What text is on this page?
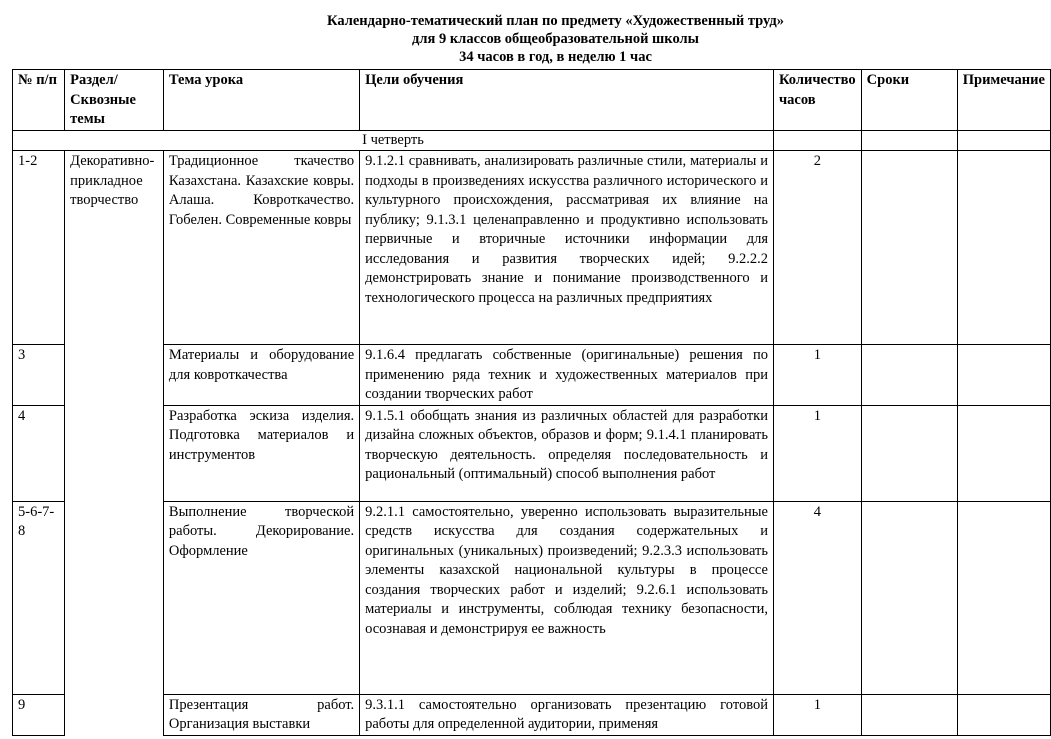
Календарно-тематический план по предмету «Художественный труд»
для 9 классов общеобразовательной школы
34 часов в год, в неделю 1 час
№ п/п	Раздел/ Сквозные темы	Тема урока	Цели обучения	Количество часов	Сроки	Примечание
I четверть						
1-2	Декоративно-прикладное творчество	Традиционное ткачество Казахстана. Казахские ковры. Алаша. Ковроткачество. Гобелен. Современные ковры	9.1.2.1 сравнивать, анализировать различные стили, материалы и подходы в произведениях искусства различного исторического и культурного происхождения, рассматривая их влияние на публику; 9.1.3.1 целенаправленно и продуктивно использовать первичные и вторичные источники информации для исследования и развития творческих идей; 9.2.2.2 демонстрировать знание и понимание производственного и технологического процесса на различных предприятиях	2		
3		Материалы и оборудование для ковроткачества	9.1.6.4 предлагать собственные (оригинальные) решения по применению ряда техник и художественных материалов при создании творческих работ	1		
4		Разработка эскиза изделия. Подготовка материалов и инструментов	9.1.5.1 обобщать знания из различных областей для разработки дизайна сложных объектов, образов и форм; 9.1.4.1 планировать творческую деятельность. определяя последовательность и рациональный (оптимальный) способ выполнения работ	1		
5-6-7-8		Выполнение творческой работы. Декорирование. Оформление	9.2.1.1 самостоятельно, уверенно использовать выразительные средств искусства для создания содержательных и оригинальных (уникальных) произведений; 9.2.3.3 использовать элементы казахской национальной культуры в процессе создания творческих работ и изделий; 9.2.6.1 использовать материалы и инструменты, соблюдая технику безопасности, осознавая и демонстрируя ее важность	4		
9		Презентация работ. Организация выставки	9.3.1.1 самостоятельно организовать презентацию готовой работы для определенной аудитории, применяя	1		
